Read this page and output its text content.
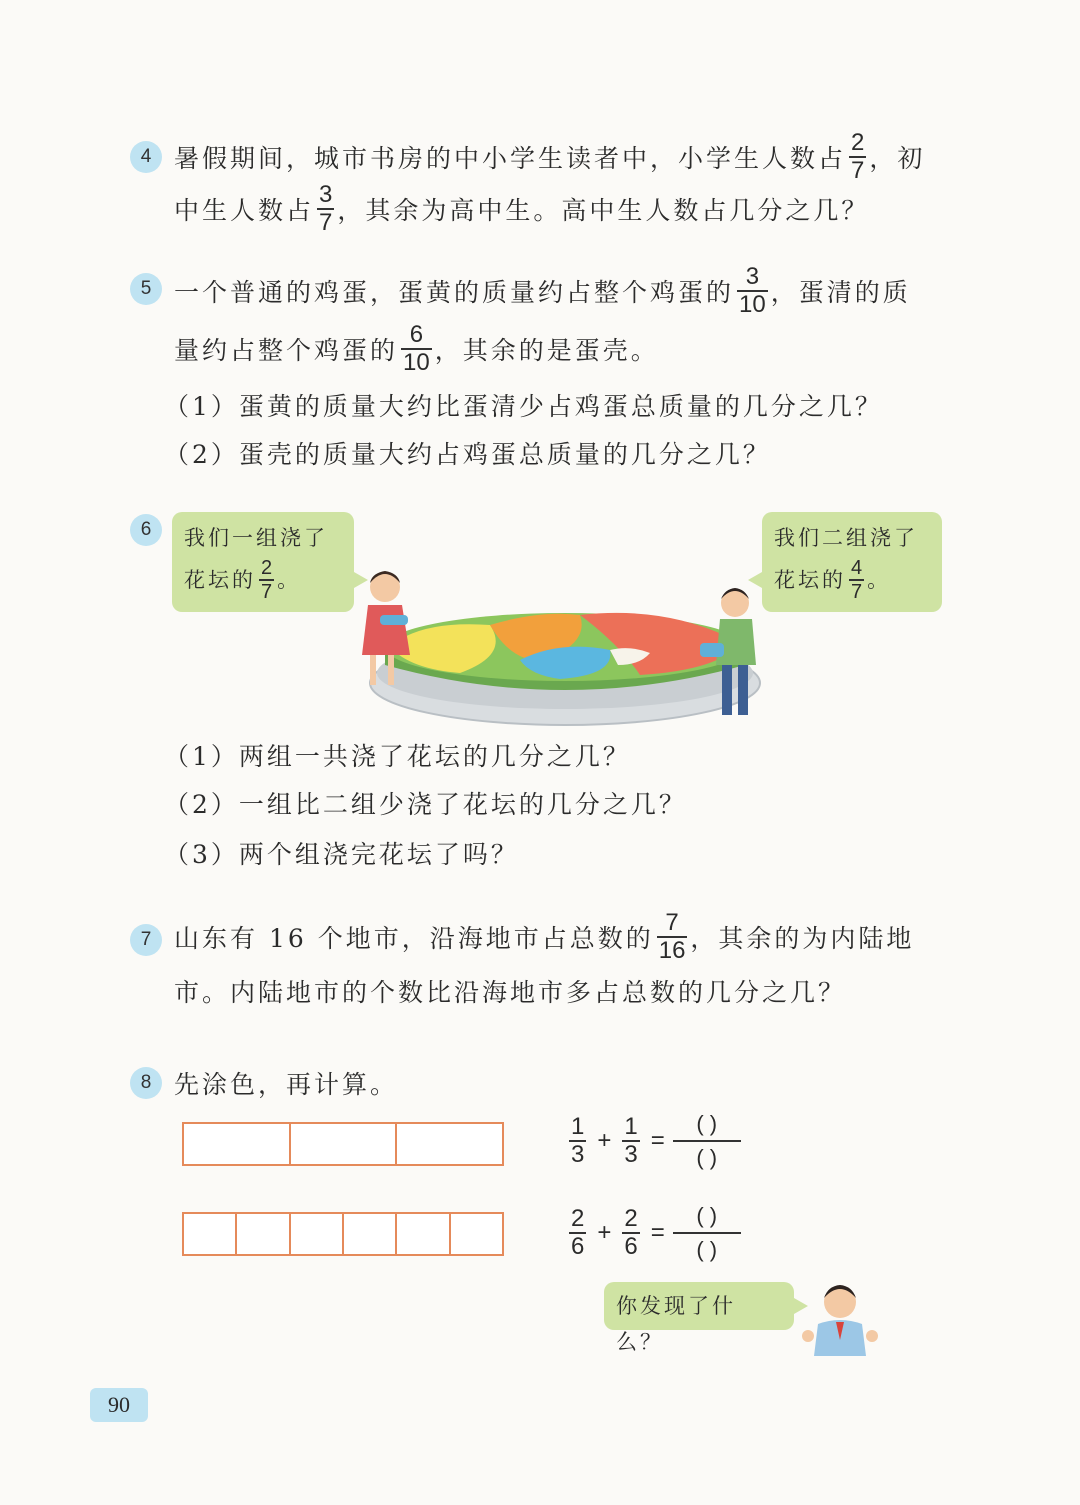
4 暑假期间，城市书房的中小学生读者中，小学生人数占 $\frac{2}{7}$ ，初
中生人数占 $\frac{3}{7}$ ，其余为高中生。高中生人数占几分之几？
5 一个普通的鸡蛋，蛋黄的质量约占整个鸡蛋的 $\frac{3}{10}$ ，蛋清的质
量约占整个鸡蛋的 $\frac{6}{10}$ ，其余的是蛋壳。
（1）蛋黄的质量大约比蛋清少占鸡蛋总质量的几分之几？
（2）蛋壳的质量大约占鸡蛋总质量的几分之几？
6	我们一组浇了
花坛的 $\frac{2}{7}$ 。
我们二组浇了
花坛的 $\frac{4}{7}$ 。
（1）两组一共浇了花坛的几分之几？
（2）一组比二组少浇了花坛的几分之几？
（3）两个组浇完花坛了吗？
7 山东有 16 个地市，沿海地市占总数的 $\frac{7}{16}$ ，其余的为内陆地
市。内陆地市的个数比沿海地市多占总数的几分之几？
8 先涂色，再计算。
$\frac{1}{3} + \frac{1}{3}$ =
( )
( )
$\frac{2}{6} + \frac{2}{6}$ =
( )
( )
你发现了什么？
90
